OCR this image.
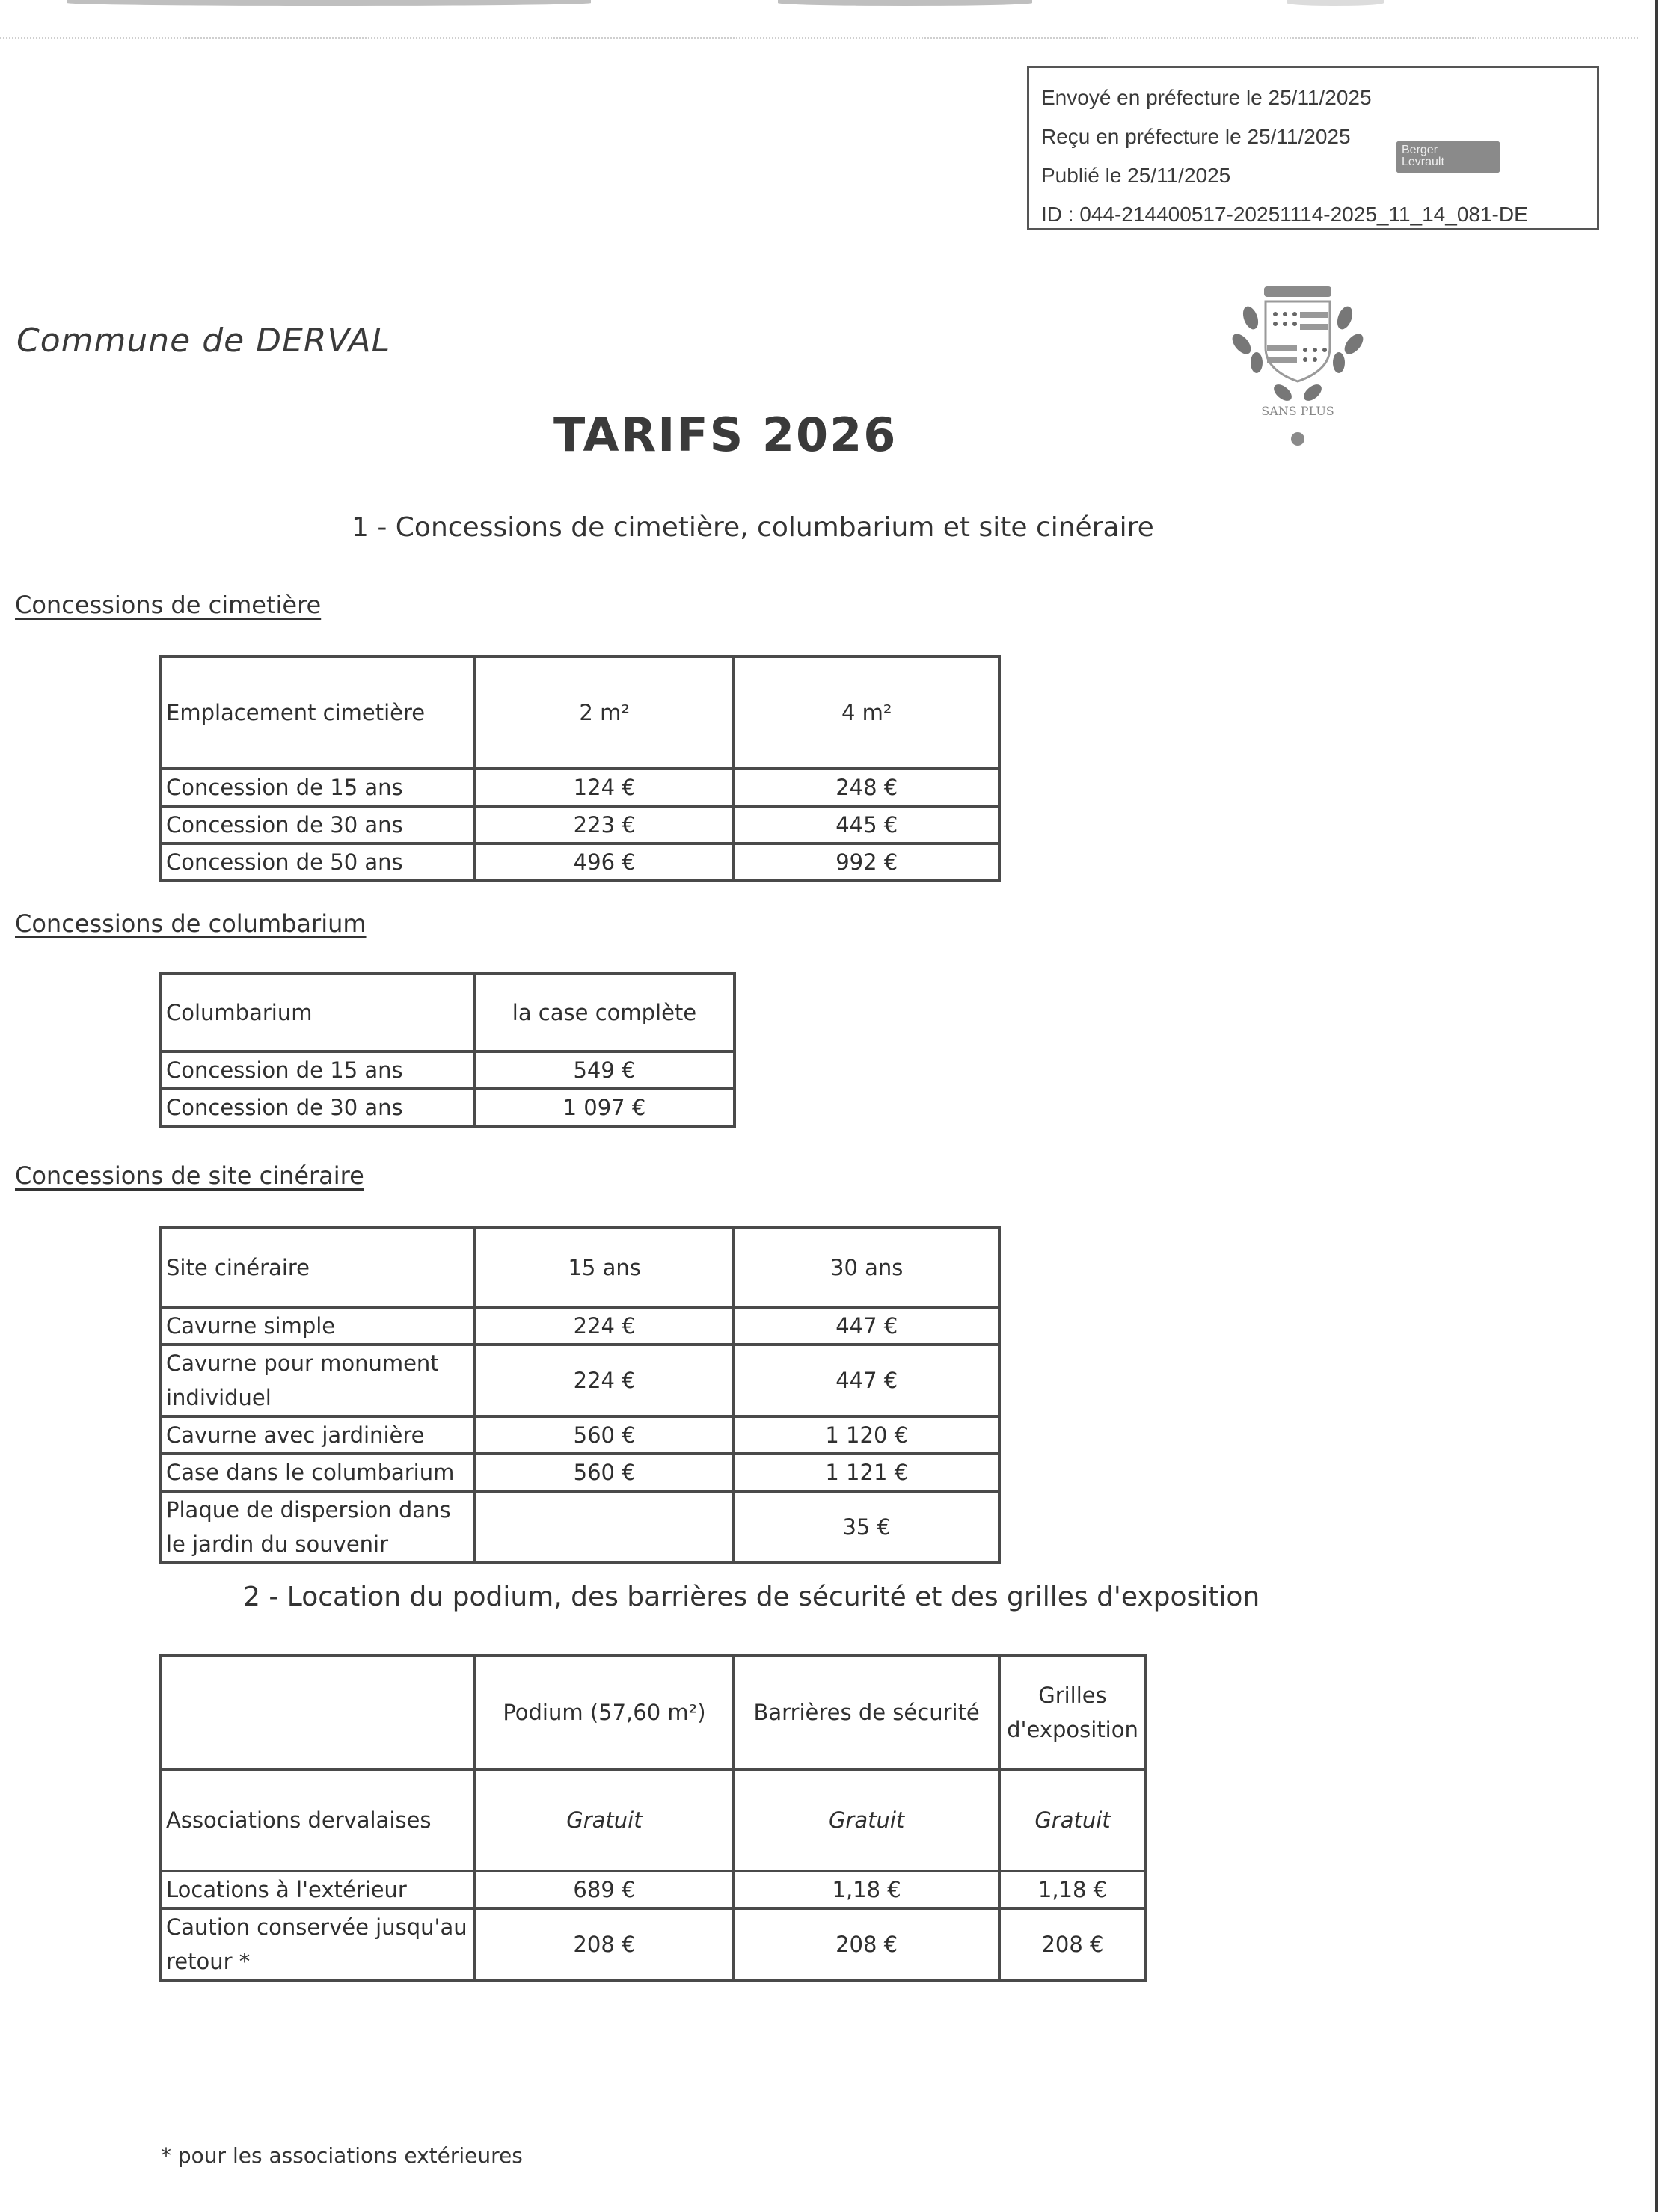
Envoyé en préfecture le 25/11/2025
Reçu en préfecture le 25/11/2025
Publié le 25/11/2025
ID : 044-214400517-20251114-2025_11_14_081-DE
Berger
Levrault
Commune de DERVAL
SANS PLUS
TARIFS 2026
1 - Concessions de cimetière, columbarium et site cinéraire
Concessions de cimetière
Emplacement cimetière	2 m²	4 m²
Concession de 15 ans	124 €	248 €
Concession de 30 ans	223 €	445 €
Concession de 50 ans	496 €	992 €
Concessions de columbarium
Columbarium	la case complète
Concession de 15 ans	549 €
Concession de 30 ans	1 097 €
Concessions de site cinéraire
Site cinéraire	15 ans	30 ans
Cavurne simple	224 €	447 €
Cavurne pour monument individuel	224 €	447 €
Cavurne avec jardinière	560 €	1 120 €
Case dans le columbarium	560 €	1 121 €
Plaque de dispersion dans le jardin du souvenir		35 €
2 - Location du podium, des barrières de sécurité et des grilles d'exposition
	Podium (57,60 m²)	Barrières de sécurité	Grilles d'exposition
Associations dervalaises	Gratuit	Gratuit	Gratuit
Locations à l'extérieur	689 €	1,18 €	1,18 €
Caution conservée jusqu'au retour *	208 €	208 €	208 €
* pour les associations extérieures
